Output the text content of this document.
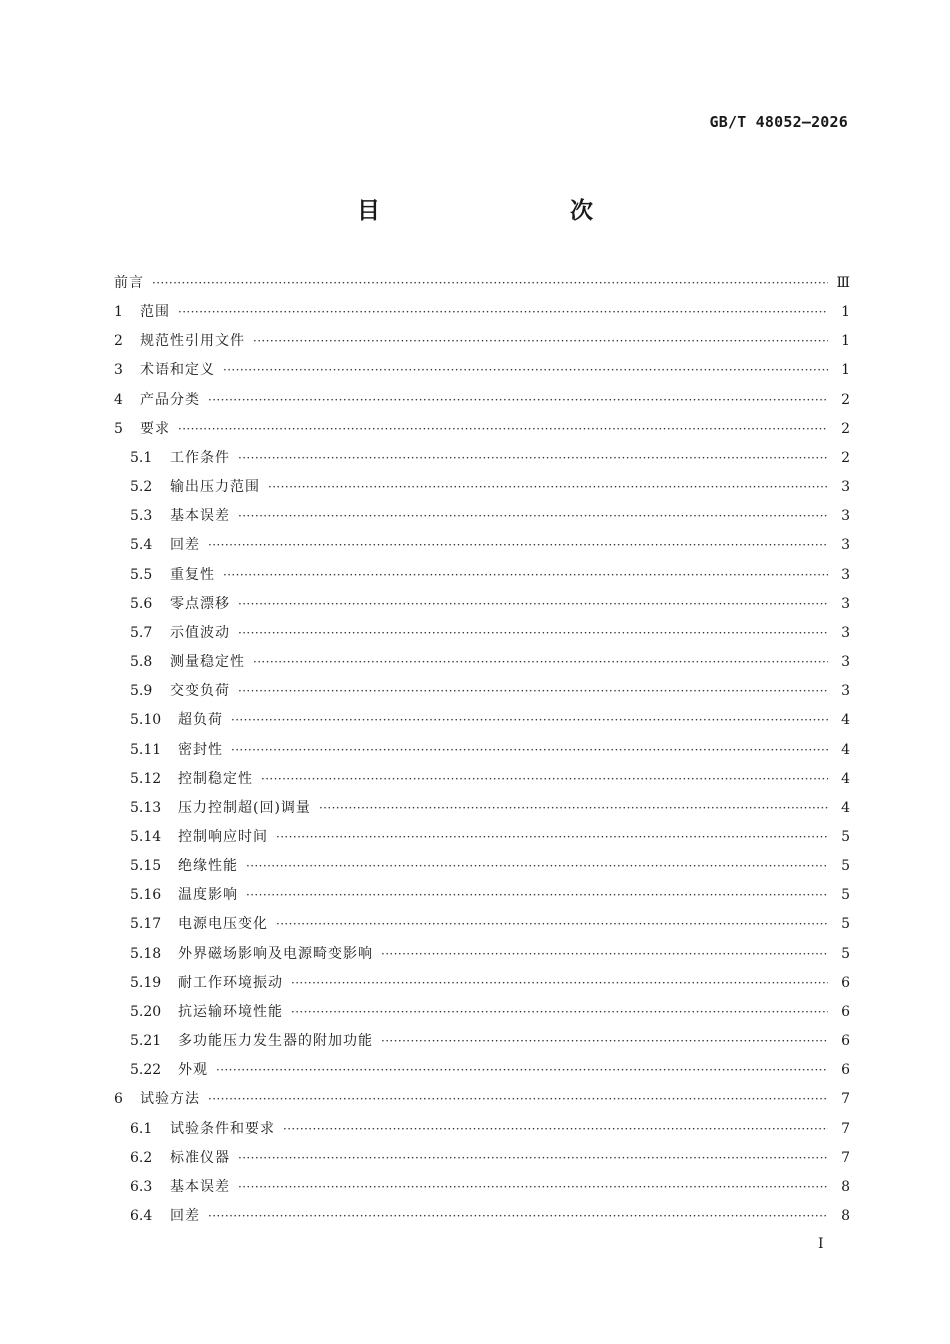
GB/T 48052—2026
目　　次
前言 ·····	Ⅲ
1	范围 ·····	1
2	规范性引用文件 ·····	1
3	术语和定义 ·····	1
4	产品分类 ·····	2
5	要求 ·····	2
5.1	工作条件 ·····	2
5.2	输出压力范围 ·····	3
5.3	基本误差 ·····	3
5.4	回差 ·····	3
5.5	重复性 ·····	3
5.6	零点漂移 ·····	3
5.7	示值波动 ·····	3
5.8	测量稳定性 ·····	3
5.9	交变负荷 ·····	3
5.10	超负荷 ·····	4
5.11	密封性 ·····	4
5.12	控制稳定性 ·····	4
5.13	压力控制超(回)调量 ·····	4
5.14	控制响应时间 ·····	5
5.15	绝缘性能 ·····	5
5.16	温度影响 ·····	5
5.17	电源电压变化 ·····	5
5.18	外界磁场影响及电源畸变影响 ·····	5
5.19	耐工作环境振动 ·····	6
5.20	抗运输环境性能 ·····	6
5.21	多功能压力发生器的附加功能 ·····	6
5.22	外观 ·····	6
6	试验方法 ·····	7
6.1	试验条件和要求 ·····	7
6.2	标准仪器 ·····	7
6.3	基本误差 ·····	8
6.4	回差 ·····	8
I
